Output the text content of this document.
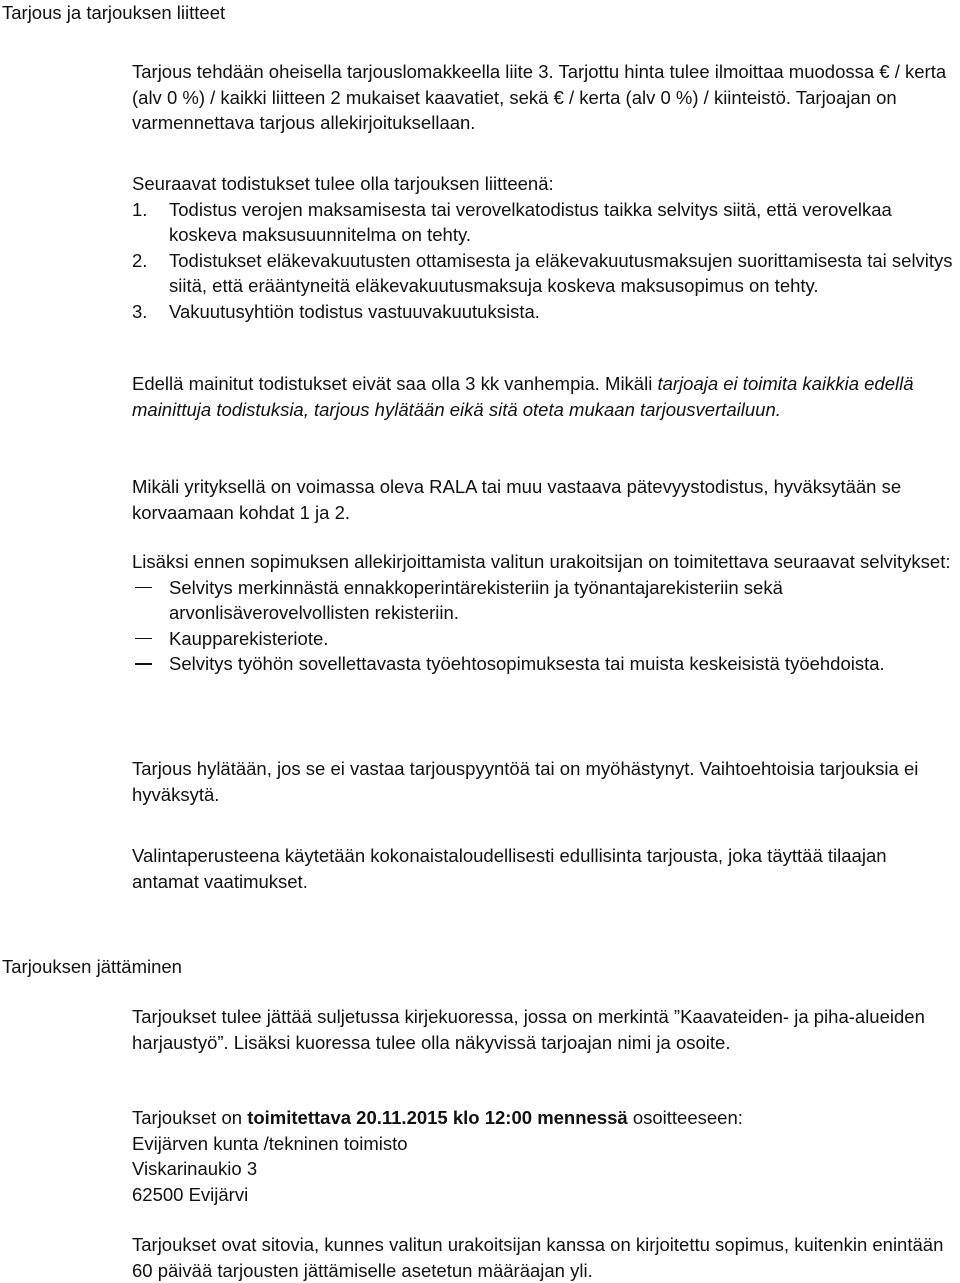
Tarjous ja tarjouksen liitteet

Tarjous tehdään oheisella tarjouslomakkeella liite 3. Tarjottu hinta tulee ilmoittaa muodossa € / kerta (alv 0 %) / kaikki liitteen 2 mukaiset kaavatiet, sekä € / kerta (alv 0 %) / kiinteistö. Tarjoajan on varmennettava tarjous allekirjoituksellaan.

Seuraavat todistukset tulee olla tarjouksen liitteenä:

1. Todistus verojen maksamisesta tai verovelkatodistus taikka selvitys siitä, että verovelkaa koskeva maksusuunnitelma on tehty.
2. Todistukset eläkevakuutusten ottamisesta ja eläkevakuutusmaksujen suorittamisesta tai selvitys siitä, että erääntyneitä eläkevakuutusmaksuja koskeva maksusopimus on tehty.
3. Vakuutusyhtiön todistus vastuuvakuutuksista.

Edellä mainitut todistukset eivät saa olla 3 kk vanhempia. Mikäli tarjoaja ei toimita kaikkia edellä mainittuja todistuksia, tarjous hylätään eikä sitä oteta mukaan tarjousvertailuun.

Mikäli yrityksellä on voimassa oleva RALA tai muu vastaava pätevyystodistus, hyväksytään se korvaamaan kohdat 1 ja 2.

Lisäksi ennen sopimuksen allekirjoittamista valitun urakoitsijan on toimitettava seuraavat selvitykset:

Selvitys merkinnästä ennakkoperintärekisteriin ja työnantajarekisteriin sekä arvonlisäverovelvollisten rekisteriin.
Kaupparekisteriote.
Selvitys työhön sovellettavasta työehtosopimuksesta tai muista keskeisistä työehdoista.

Tarjous hylätään, jos se ei vastaa tarjouspyyntöä tai on myöhästynyt. Vaihtoehtoisia tarjouksia ei hyväksytä.

Valintaperusteena käytetään kokonaistaloudellisesti edullisinta tarjousta, joka täyttää tilaajan antamat vaatimukset.

Tarjouksen jättäminen

Tarjoukset tulee jättää suljetussa kirjekuoressa, jossa on merkintä ”Kaavateiden- ja piha-alueiden harjaustyö”. Lisäksi kuoressa tulee olla näkyvissä tarjoajan nimi ja osoite.

Tarjoukset on toimitettava 20.11.2015 klo 12:00 mennessä osoitteeseen:

Evijärven kunta /tekninen toimisto

Viskarinaukio 3

62500 Evijärvi

Tarjoukset ovat sitovia, kunnes valitun urakoitsijan kanssa on kirjoitettu sopimus, kuitenkin enintään 60 päivää tarjousten jättämiselle asetetun määräajan yli.
